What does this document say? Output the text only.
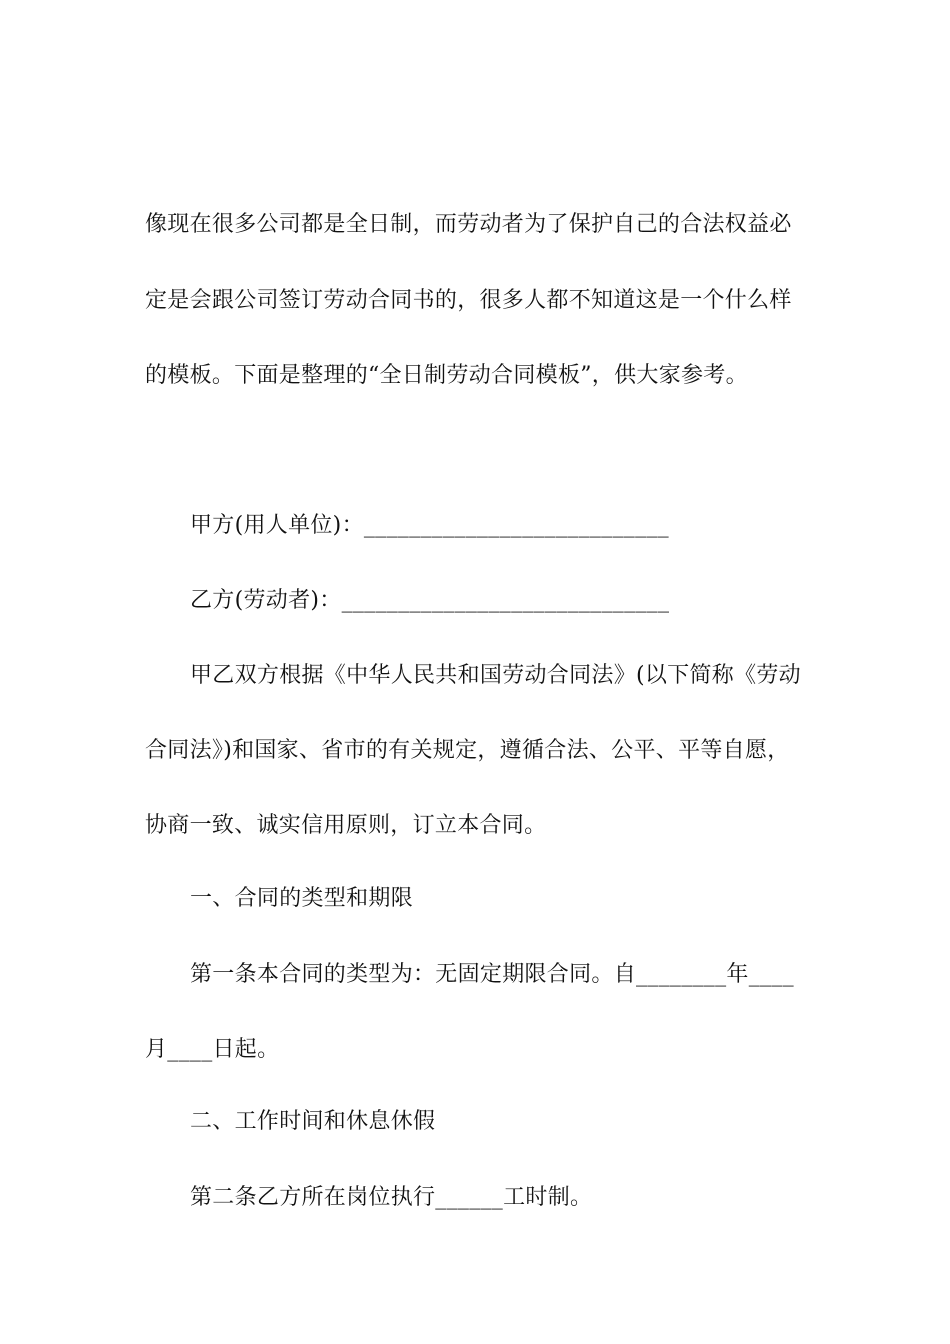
像现在很多公司都是全日制，而劳动者为了保护自己的合法权益必
定是会跟公司签订劳动合同书的，很多人都不知道这是一个什么样
的模板。下面是整理的“全日制劳动合同模板”，供大家参考。
甲方(用人单位)：___________________________
乙方(劳动者)：_____________________________
甲乙双方根据《中华人民共和国劳动合同法》(以下简称《劳动
合同法》)和国家、省市的有关规定，遵循合法、公平、平等自愿，
协商一致、诚实信用原则，订立本合同。
一、合同的类型和期限
第一条本合同的类型为：无固定期限合同。自________年____
月____日起。
二、工作时间和休息休假
第二条乙方所在岗位执行______工时制。
